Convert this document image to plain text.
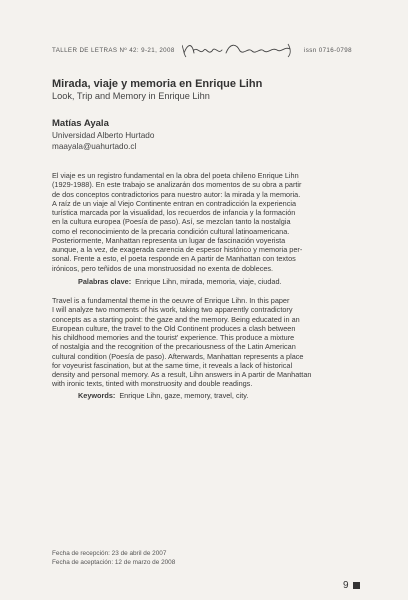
TALLER DE LETRAS Nº 42: 9-21, 2008	issn 0716-0798
Mirada, viaje y memoria en Enrique Lihn
Look, Trip and Memory in Enrique Lihn
Matías Ayala
Universidad Alberto Hurtado
maayala@uahurtado.cl
El viaje es un registro fundamental en la obra del poeta chileno Enrique Lihn
(1929-1988). En este trabajo se analizarán dos momentos de su obra a partir
de dos conceptos contradictorios para nuestro autor: la mirada y la memoria.
A raíz de un viaje al Viejo Continente entran en contradicción la experiencia
turística marcada por la visualidad, los recuerdos de infancia y la formación
en la cultura europea (Poesía de paso). Así, se mezclan tanto la nostalgia
como el reconocimiento de la precaria condición cultural latinoamericana.
Posteriormente, Manhattan representa un lugar de fascinación voyerista
aunque, a la vez, de exagerada carencia de espesor histórico y memoria per-
sonal. Frente a esto, el poeta responde en A partir de Manhattan con textos
irónicos, pero teñidos de una monstruosidad no exenta de dobleces.
Palabras clave: Enrique Lihn, mirada, memoria, viaje, ciudad.
Travel is a fundamental theme in the oeuvre of Enrique Lihn. In this paper
I will analyze two moments of his work, taking two apparently contradictory
concepts as a starting point: the gaze and the memory. Being educated in an
European culture, the travel to the Old Continent produces a clash between
his childhood memories and the tourist' experience. This produce a mixture
of nostalgia and the recognition of the precariousness of the Latin American
cultural condition (Poesía de paso). Afterwards, Manhattan represents a place
for voyeurist fascination, but at the same time, it reveals a lack of historical
density and personal memory. As a result, Lihn answers in A partir de Manhattan
with ironic texts, tinted with monstruosity and double readings.
Keywords: Enrique Lihn, gaze, memory, travel, city.
Fecha de recepción: 23 de abril de 2007
Fecha de aceptación: 12 de marzo de 2008
9
